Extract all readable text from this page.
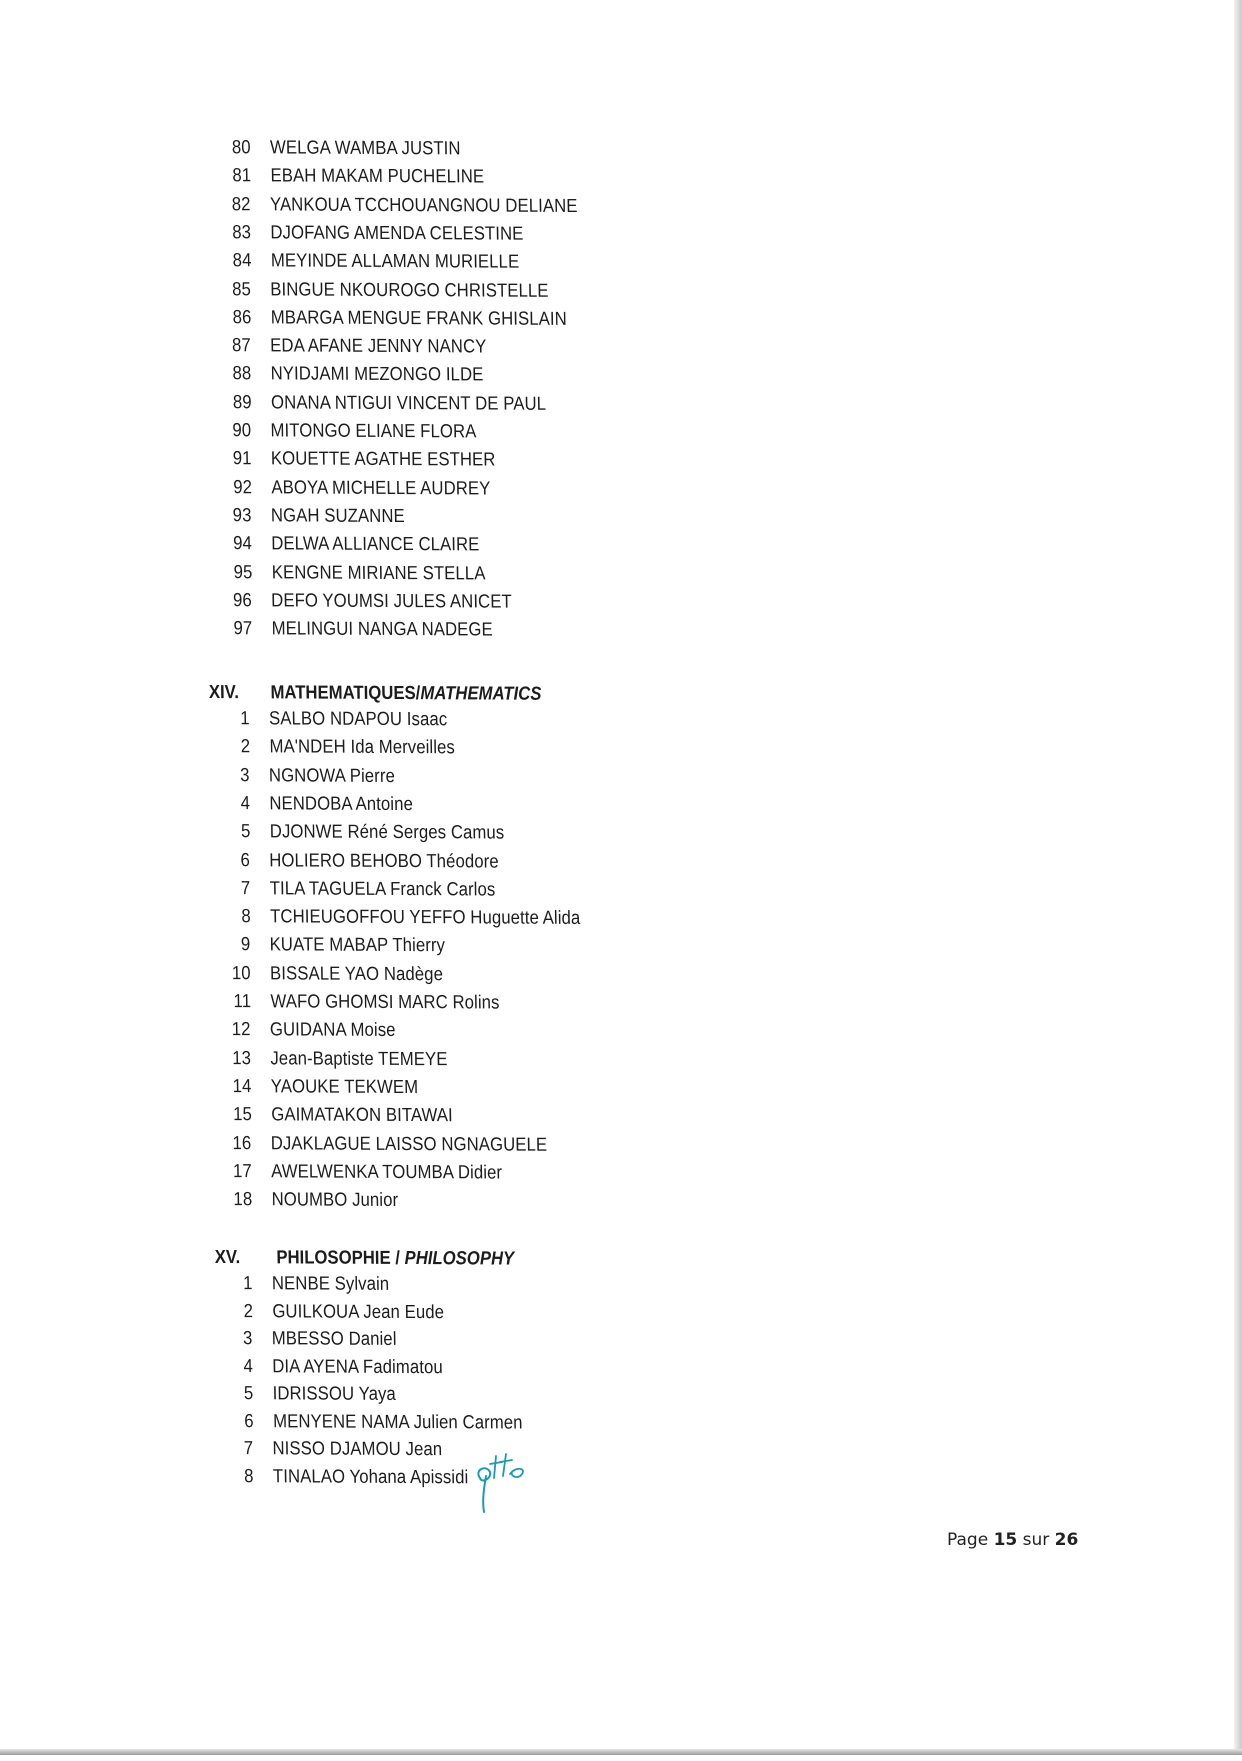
80 WELGA WAMBA JUSTIN
81 EBAH MAKAM PUCHELINE
82 YANKOUA TCCHOUANGNOU DELIANE
83 DJOFANG AMENDA CELESTINE
84 MEYINDE ALLAMAN MURIELLE
85 BINGUE NKOUROGO CHRISTELLE
86 MBARGA MENGUE FRANK GHISLAIN
87 EDA AFANE JENNY NANCY
88 NYIDJAMI MEZONGO ILDE
89 ONANA NTIGUI VINCENT DE PAUL
90 MITONGO ELIANE FLORA
91 KOUETTE AGATHE ESTHER
92 ABOYA MICHELLE AUDREY
93 NGAH SUZANNE
94 DELWA ALLIANCE CLAIRE
95 KENGNE MIRIANE STELLA
96 DEFO YOUMSI JULES ANICET
97 MELINGUI NANGA NADEGE
XIV. MATHEMATIQUES/MATHEMATICS
1 SALBO NDAPOU Isaac
2 MA'NDEH Ida Merveilles
3 NGNOWA Pierre
4 NENDOBA Antoine
5 DJONWE Réné Serges Camus
6 HOLIERO BEHOBO Théodore
7 TILA TAGUELA Franck Carlos
8 TCHIEUGOFFOU YEFFO Huguette Alida
9 KUATE MABAP Thierry
10 BISSALE YAO Nadège
11 WAFO GHOMSI MARC Rolins
12 GUIDANA Moise
13 Jean-Baptiste TEMEYE
14 YAOUKE TEKWEM
15 GAIMATAKON BITAWAI
16 DJAKLAGUE LAISSO NGNAGUELE
17 AWELWENKA TOUMBA Didier
18 NOUMBO Junior
XV. PHILOSOPHIE / PHILOSOPHY
1 NENBE Sylvain
2 GUILKOUA Jean Eude
3 MBESSO Daniel
4 DIA AYENA Fadimatou
5 IDRISSOU Yaya
6 MENYENE NAMA Julien Carmen
7 NISSO DJAMOU Jean
8 TINALAO Yohana Apissidi
Page 15 sur 26
